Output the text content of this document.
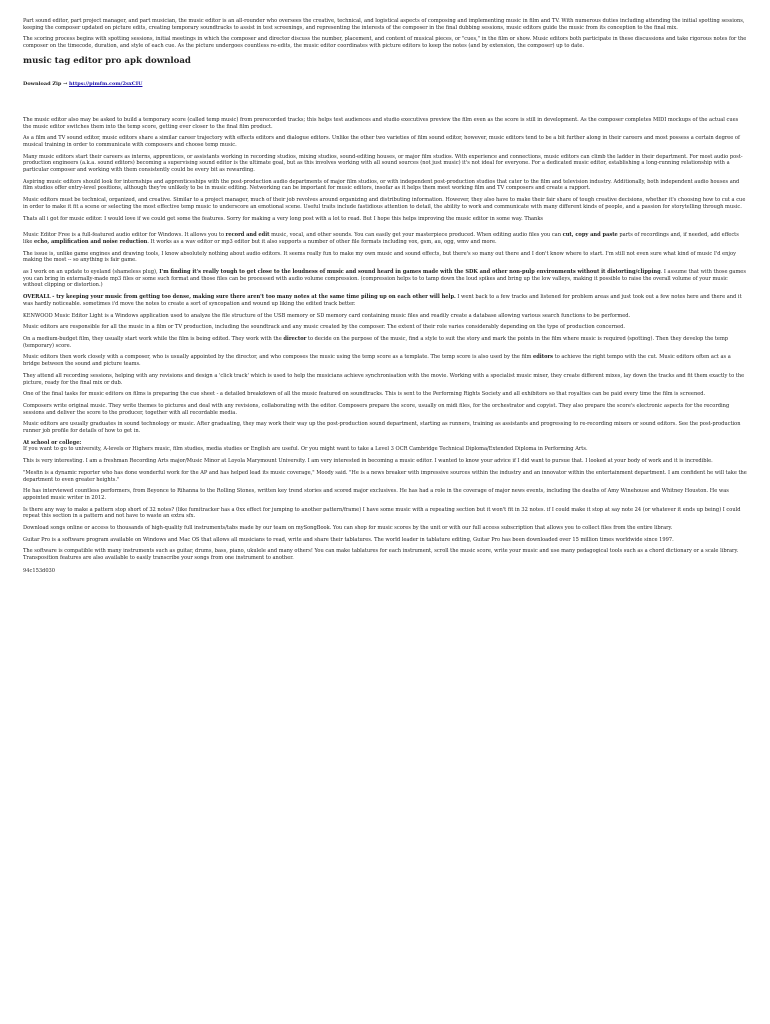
Part sound editor, part project manager, and part musician, the music editor is an all-rounder who oversees the creative, technical, and logistical aspects of composing and implementing music in film and TV. With numerous duties including attending the initial spotting sessions, keeping the composer updated on picture edits, creating temporary soundtracks to assist in test screenings, and representing the interests of the composer in the final dubbing sessions, music editors guide the music from its conception to the final mix.

The scoring process begins with spotting sessions, initial meetings in which the composer and director discuss the number, placement, and content of musical pieces, or "cues," in the film or show. Music editors both participate in these discussions and take rigorous notes for the composer on the timecode, duration, and style of each cue. As the picture undergoes countless re-edits, the music editor coordinates with picture editors to keep the notes (and by extension, the composer) up to date.

music tag editor pro apk download
Download Zip → https://pimfm.com/2sxCIU

The music editor also may be asked to build a temporary score (called temp music) from prerecorded tracks; this helps test audiences and studio executives preview the film even as the score is still in development. As the composer completes MIDI mockups of the actual cues the music editor switches them into the temp score, getting ever closer to the final film product.

As a film and TV sound editor, music editors share a similar career trajectory with effects editors and dialogue editors. Unlike the other two varieties of film sound editor, however, music editors tend to be a bit further along in their careers and most possess a certain degree of musical training in order to communicate with composers and choose temp music.

Many music editors start their careers as interns, apprentices, or assistants working in recording studios, mixing studios, sound-editing houses, or major film studios. With experience and connections, music editors can climb the ladder in their department. For most audio post-production engineers (a.k.a. sound editors) becoming a supervising sound editor is the ultimate goal, but as this involves working with all sound sources (not just music) it's not ideal for everyone. For a dedicated music editor, establishing a long-running relationship with a particular composer and working with them consistently could be every bit as rewarding.

Aspiring music editors should look for internships and apprenticeships with the post-production audio departments of major film studios, or with independent post-production studios that cater to the film and television industry. Additionally, both independent audio houses and film studios offer entry-level positions, although they're unlikely to be in music editing. Networking can be important for music editors, insofar as it helps them meet working film and TV composers and create a rapport.

Music editors must be technical, organized, and creative. Similar to a project manager, much of their job revolves around organizing and distributing information. However, they also have to make their fair share of tough creative decisions, whether it's choosing how to cut a cue in order to make it fit a scene or selecting the most effective temp music to underscore an emotional scene. Useful traits include fastidious attention to detail, the ability to work and communicate with many different kinds of people, and a passion for storytelling through music.

Thats all i got for music editor. I would love if we could get some the features. Sorry for making a very long post with a lot to read. But I hope this helps improving the music editor in some way. Thanks

Music Editor Free is a full-featured audio editor for Windows. It allows you to record and edit music, vocal, and other sounds. You can easily get your masterpiece produced. When editing audio files you can cut, copy and paste parts of recordings and, if needed, add effects like echo, amplification and noise reduction. It works as a wav editor or mp3 editor but it also supports a number of other file formats including vox, gsm, au, ogg, wmv and more.

The issue is, unlike game engines and drawing tools, I know absolutely nothing about audio editors. It seems really fun to make my own music and sound effects, but there's so many out there and I don't know where to start. I'm still not even sure what kind of music I'd enjoy making the most -- so anything is fair game.

as I work on an update to eyeland (shameless plug), I'm finding it's really tough to get close to the loudness of music and sound heard in games made with the SDK and other non-pulp environments without it distorting/clipping. I assume that with those games you can bring in externally-made mp3 files or some such format and those files can be processed with audio volume compression. (compression helps to to tamp down the loud spikes and bring up the low valleys, making it possible to raise the overall volume of your music without clipping or distortion.)

OVERALL - try keeping your music from getting too dense, making sure there aren't too many notes at the same time piling up on each other will help. I went back to a few tracks and listened for problem areas and just took out a few notes here and there and it was hardly noticeable. sometimes i'd move the notes to create a sort of syncopation and wound up liking the edited track better.

KENWOOD Music Editor Light is a Windows application used to analyze the file structure of the USB memory or SD memory card containing music files and readily create a database allowing various search functions to be performed.

Music editors are responsible for all the music in a film or TV production, including the soundtrack and any music created by the composer. The extent of their role varies considerably depending on the type of production concerned.

On a medium-budget film, they usually start work while the film is being edited. They work with the director to decide on the purpose of the music, find a style to suit the story and mark the points in the film where music is required (spotting). Then they develop the temp (temporary) score.

Music editors then work closely with a composer, who is usually appointed by the director, and who composes the music using the temp score as a template. The temp score is also used by the film editors to achieve the right tempo with the cut. Music editors often act as a bridge between the sound and picture teams.

They attend all recording sessions, helping with any revisions and design a 'click track' which is used to help the musicians achieve synchronisation with the movie. Working with a specialist music mixer, they create different mixes, lay down the tracks and fit them exactly to the picture, ready for the final mix or dub.

One of the final tasks for music editors on films is preparing the cue sheet - a detailed breakdown of all the music featured on soundtracks. This is sent to the Performing Rights Society and all exhibitors so that royalties can be paid every time the film is screened.

Composers write original music. They write themes to pictures and deal with any revisions, collaborating with the editor. Composers prepare the score, usually on midi files, for the orchestrator and copyist. They also prepare the score's electronic aspects for the recording sessions and deliver the score to the producer, together with all recordable media.

Music editors are usually graduates in sound technology or music. After graduating, they may work their way up the post-production sound department, starting as runners, training as assistants and progressing to re-recording mixers or sound editors. See the post-production runner job profile for details of how to get in.

At school or college:
If you want to go to university, A-levels or Highers music, film studies, media studies or English are useful. Or you might want to take a Level 3 OCR Cambridge Technical Diploma/Extended Diploma in Performing Arts.

This is very interesting. I am a freshman Recording Arts major/Music Minor at Loyola Marymount University. I am very interested in becoming a music editor. I wanted to know your advice if I did want to pursue that. I looked at your body of work and it is incredible.

"Mesfin is a dynamic reporter who has done wonderful work for the AP and has helped lead its music coverage," Moody said. "He is a news breaker with impressive sources within the industry and an innovator within the entertainment department. I am confident he will take the department to even greater heights."

He has interviewed countless performers, from Beyonce to Rihanna to the Rolling Stones, written key trend stories and scored major exclusives. He has had a role in the coverage of major news events, including the deaths of Amy Winehouse and Whitney Houston. He was appointed music writer in 2012.

Is there any way to make a pattern stop short of 32 notes? (like fumitracker has a 0xx effect for jumping to another pattern/frame) I have some music with a repeating section but it won't fit in 32 notes. if I could make it stop at say note 24 (or whatever it ends up being) I could repeat this section in a pattern and not have to waste an extra sfx.

Download songs online or access to thousands of high-quality full instruments/tabs made by our team on mySongBook. You can shop for music scores by the unit or with our full access subscription that allows you to collect files from the entire library.

Guitar Pro is a software program available on Windows and Mac OS that allows all musicians to read, write and share their tablatures. The world leader in tablature editing, Guitar Pro has been downloaded over 15 million times worldwide since 1997.

The software is compatible with many instruments such as guitar, drums, bass, piano, ukulele and many others! You can make tablatures for each instrument, scroll the music score, write your music and use many pedagogical tools such as a chord dictionary or a scale library. Transposition features are also available to easily transcribe your songs from one instrument to another.

94c153d030
